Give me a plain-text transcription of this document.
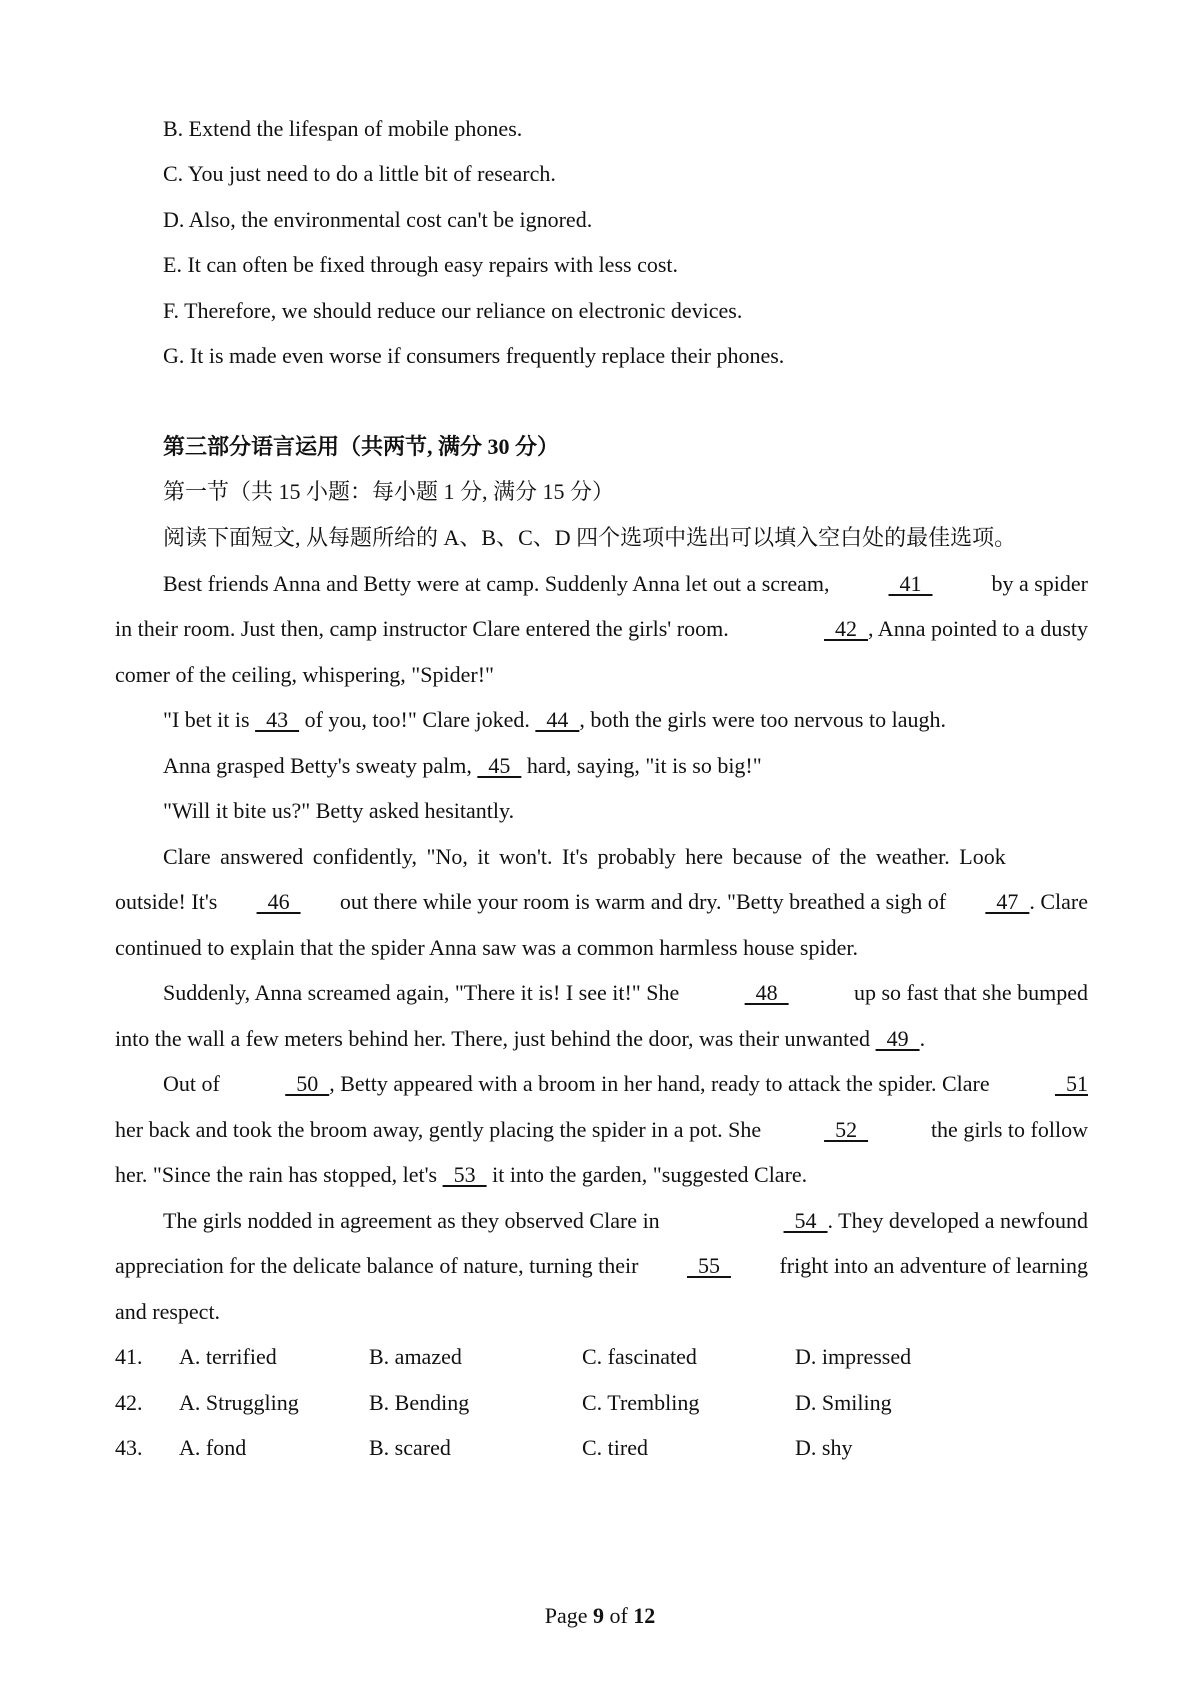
B. Extend the lifespan of mobile phones.
C. You just need to do a little bit of research.
D. Also, the environmental cost can't be ignored.
E. It can often be fixed through easy repairs with less cost.
F. Therefore, we should reduce our reliance on electronic devices.
G. It is made even worse if consumers frequently replace their phones.
第三部分语言运用（共两节, 满分 30 分）
第一节（共 15 小题：每小题 1 分, 满分 15 分）
阅读下面短文, 从每题所给的 A、B、C、D 四个选项中选出可以填入空白处的最佳选项。
Best friends Anna and Betty were at camp. Suddenly Anna let out a scream,	41	by a spider
in their room. Just then, camp instructor Clare entered the girls' room.	42  , Anna pointed to a dusty
comer of the ceiling, whispering, "Spider!"
"I bet it is   43   of you, too!" Clare joked.   44  , both the girls were too nervous to laugh.
Anna grasped Betty's sweaty palm,   45   hard, saying, "it is so big!"
"Will it bite us?" Betty asked hesitantly.
Clare answered confidently, "No, it won't. It's probably here because of the weather. Look
outside! It's 46 out there while your room is warm and dry. "Betty breathed a sigh of 47  . Clare
continued to explain that the spider Anna saw was a common harmless house spider.
Suddenly, Anna screamed again, "There it is! I see it!" She	48	up so fast that she bumped
into the wall a few meters behind her. There, just behind the door, was their unwanted   49  .
Out of	50  , Betty appeared with a broom in her hand, ready to attack the spider. Clare	51
her back and took the broom away, gently placing the spider in a pot. She	52	the girls to follow
her. "Since the rain has stopped, let's   53   it into the garden, "suggested Clare.
The girls nodded in agreement as they observed Clare in	54  . They developed a newfound
appreciation for the delicate balance of nature, turning their 55 fright into an adventure of learning
and respect.
41. A. terrified	B. amazed	C. fascinated	D. impressed
42. A. Struggling	B. Bending	C. Trembling	D. Smiling
43. A. fond	B. scared	C. tired	D. shy
Page 9 of 12
